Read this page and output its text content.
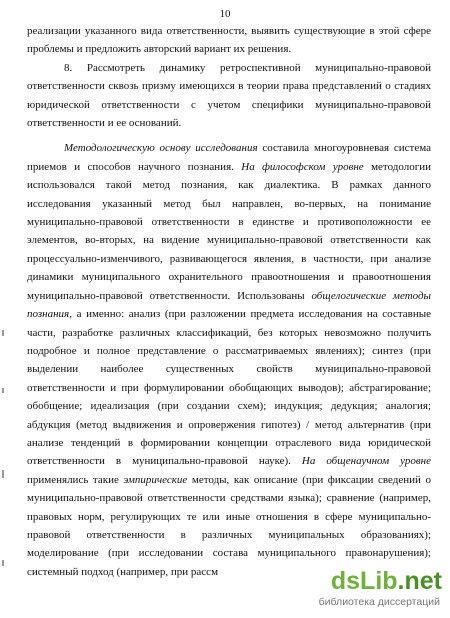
10

реализации указанного вида ответственности, выявить существующие в этой сфере проблемы и предложить авторский вариант их решения.

8. Рассмотреть динамику ретроспективной муниципально-правовой ответственности сквозь призму имеющихся в теории права представлений о стадиях юридической ответственности с учетом специфики муниципально-правовой ответственности и ее оснований.

Методологическую основу исследования составила многоуровневая система приемов и способов научного познания. На философском уровне методологии использовался такой метод познания, как диалектика. В рамках данного исследования указанный метод был направлен, во-первых, на понимание муниципально-правовой ответственности в единстве и противоположности ее элементов, во-вторых, на видение муниципально-правовой ответственности как процессуально-изменчивого, развивающегося явления, в частности, при анализе динамики муниципального охранительного правоотношения и правоотношения муниципально-правовой ответственности. Использованы общелогические методы познания, а именно: анализ (при разложении предмета исследования на составные части, разработке различных классификаций, без которых невозможно получить подробное и полное представление о рассматриваемых явлениях); синтез (при выделении наиболее существенных свойств муниципально-правовой ответственности и при формулировании обобщающих выводов); абстрагирование; обобщение; идеализация (при создании схем); индукция; дедукция; аналогия; абдукция (метод выдвижения и опровержения гипотез) / метод альтернатив (при анализе тенденций в формировании концепции отраслевого вида юридической ответственности в муниципально-правовой науке). На общенаучном уровне применялись такие эмпирические методы, как описание (при фиксации сведений о муниципально-правовой ответственности средствами языка); сравнение (например, правовых норм, регулирующих те или иные отношения в сфере муниципально-правовой ответственности в различных муниципальных образованиях); моделирование (при исследовании состава муниципального правонарушения); системный подход (например, при рассм	dsLib.net
библиотека диссертаций
